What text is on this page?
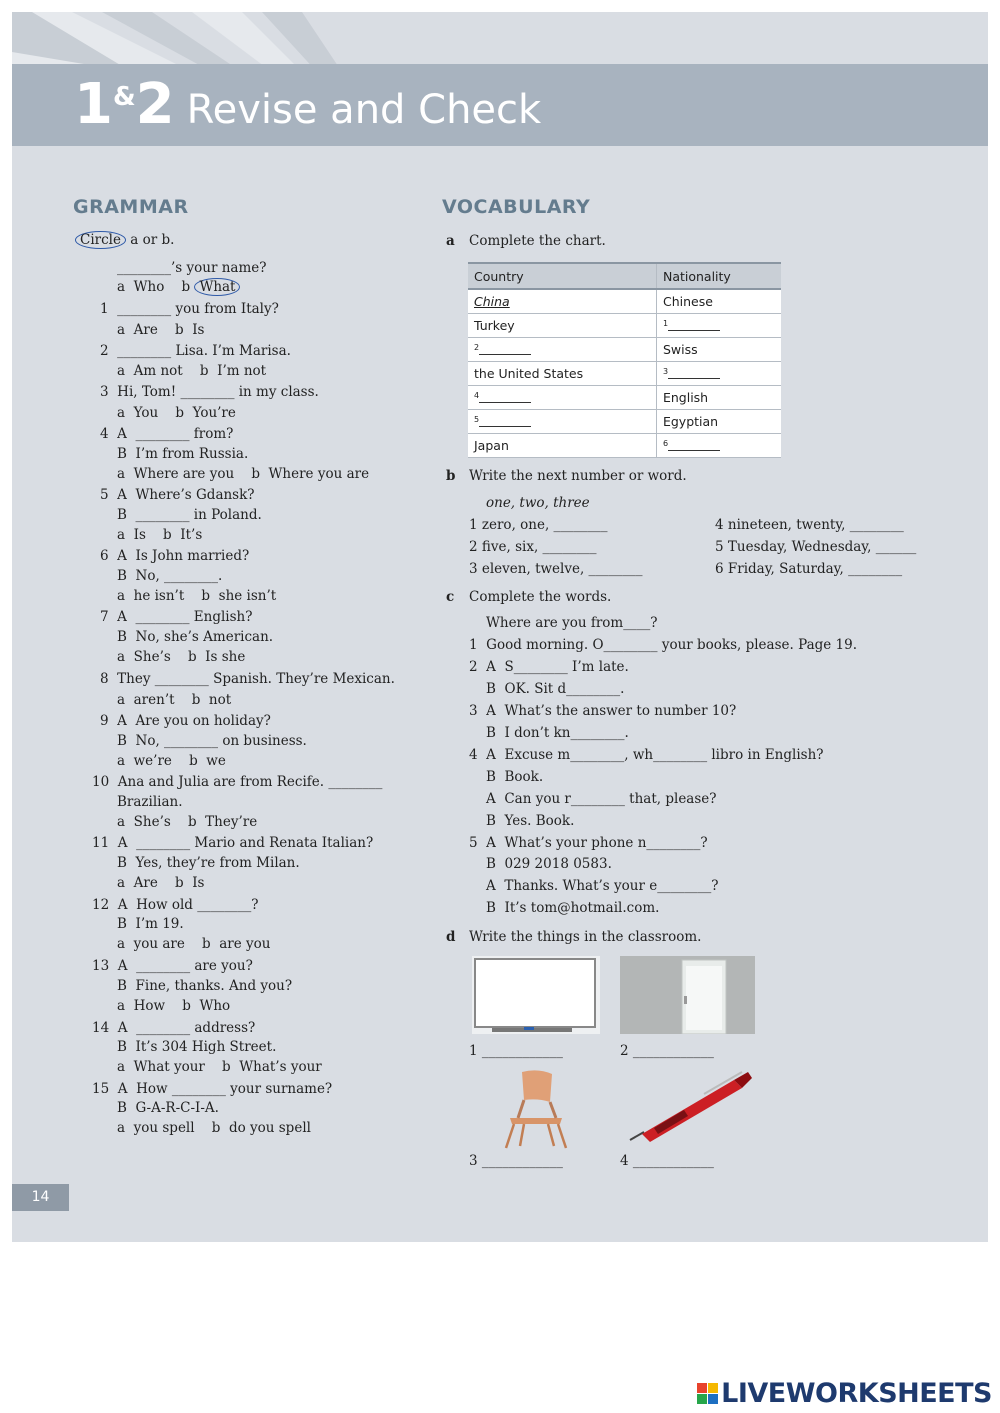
1&2 Revise and Check
GRAMMAR
Circle a or b.
________’s your name?
a  Who    b What
1  ________ you from Italy?
a  Are    b  Is
2  ________ Lisa. I’m Marisa.
a  Am not    b  I’m not
3  Hi, Tom! ________ in my class.
a  You    b  You’re
4  A  ________ from?
B  I’m from Russia.
a  Where are you    b  Where you are
5  A  Where’s Gdansk?
B  ________ in Poland.
a  Is    b  It’s
6  A  Is John married?
B  No, ________.
a  he isn’t    b  she isn’t
7  A  ________ English?
B  No, she’s American.
a  She’s    b  Is she
8  They ________ Spanish. They’re Mexican.
a  aren’t    b  not
9  A  Are you on holiday?
B  No, ________ on business.
a  we’re    b  we
10  Ana and Julia are from Recife. ________
Brazilian.
a  She’s    b  They’re
11  A  ________ Mario and Renata Italian?
B  Yes, they’re from Milan.
a  Are    b  Is
12  A  How old ________?
B  I’m 19.
a  you are    b  are you
13  A  ________ are you?
B  Fine, thanks. And you?
a  How    b  Who
14  A  ________ address?
B  It’s 304 High Street.
a  What your    b  What’s your
15  A  How ________ your surname?
B  G-A-R-C-I-A.
a  you spell    b  do you spell
VOCABULARY
a Complete the chart.
Country	Nationality
China	Chinese
Turkey	$^1$
$^2$	Swiss
the United States	$^3$
$^4$	English
$^5$	Egyptian
Japan	$^6$
b Write the next number or word.
one, two, three
1 zero, one, ________
2 five, six, ________
3 eleven, twelve, ________
4 nineteen, twenty, ________
5 Tuesday, Wednesday, ______
6 Friday, Saturday, ________
c Complete the words.
Where are you from____?
1  Good morning. O________ your books, please. Page 19.
2  A  S________ I’m late.
B  OK. Sit d________.
3  A  What’s the answer to number 10?
B  I don’t kn________.
4  A  Excuse m________, wh________ libro in English?
B  Book.
A  Can you r________ that, please?
B  Yes. Book.
5  A  What’s your phone n________?
B  029 2018 0583.
A  Thanks. What’s your e________?
B  It’s tom@hotmail.com.
d Write the things in the classroom.
1 ____________	2 ____________
3 ____________	4 ____________
14
LIVEWORKSHEETS
